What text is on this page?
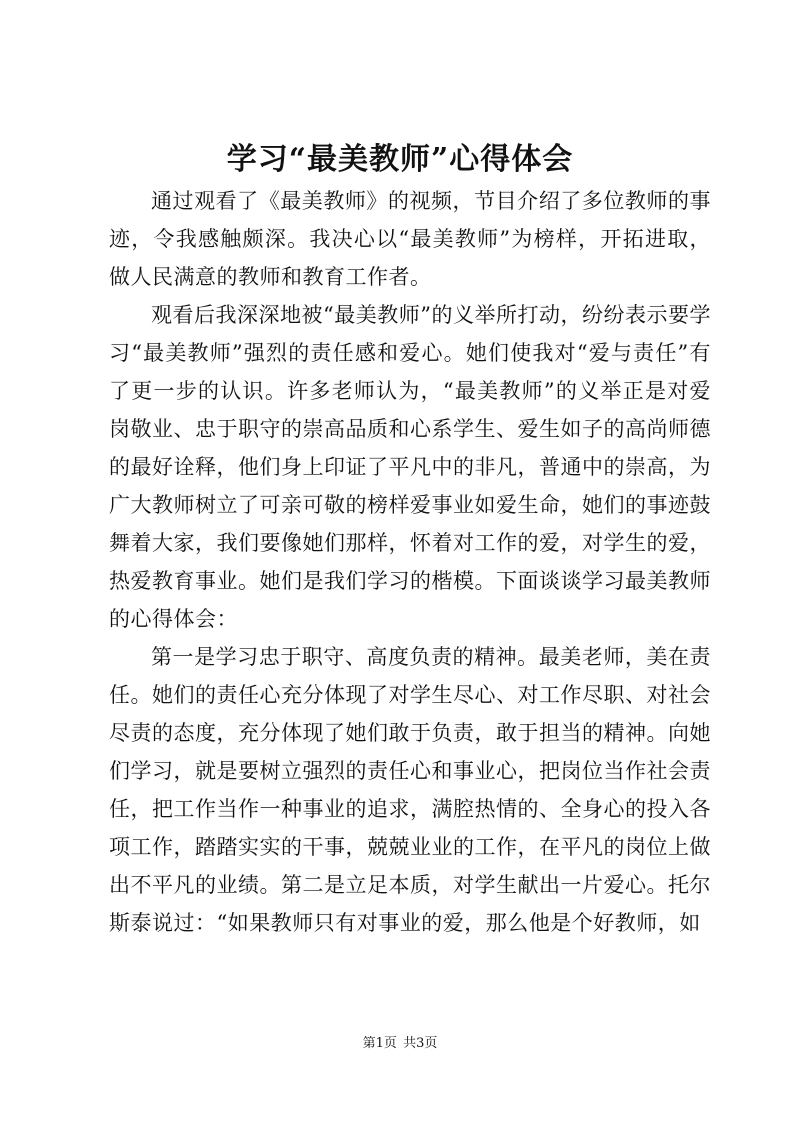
学习“最美教师”心得体会

通过观看了《最美教师》的视频，节目介绍了多位教师的事迹，令我感触颇深。我决心以“最美教师”为榜样，开拓进取，做人民满意的教师和教育工作者。

观看后我深深地被“最美教师”的义举所打动，纷纷表示要学习“最美教师”强烈的责任感和爱心。她们使我对“爱与责任”有了更一步的认识。许多老师认为，“最美教师”的义举正是对爱岗敬业、忠于职守的崇高品质和心系学生、爱生如子的高尚师德的最好诠释，他们身上印证了平凡中的非凡，普通中的崇高，为广大教师树立了可亲可敬的榜样爱事业如爱生命，她们的事迹鼓舞着大家，我们要像她们那样，怀着对工作的爱，对学生的爱，热爱教育事业。她们是我们学习的楷模。下面谈谈学习最美教师的心得体会：

第一是学习忠于职守、高度负责的精神。最美老师，美在责任。她们的责任心充分体现了对学生尽心、对工作尽职、对社会尽责的态度，充分体现了她们敢于负责，敢于担当的精神。向她们学习，就是要树立强烈的责任心和事业心，把岗位当作社会责任，把工作当作一种事业的追求，满腔热情的、全身心的投入各项工作，踏踏实实的干事，兢兢业业的工作，在平凡的岗位上做出不平凡的业绩。第二是立足本质，对学生献出一片爱心。托尔斯泰说过：“如果教师只有对事业的爱，那么他是个好教师，如

第1页 共3页
